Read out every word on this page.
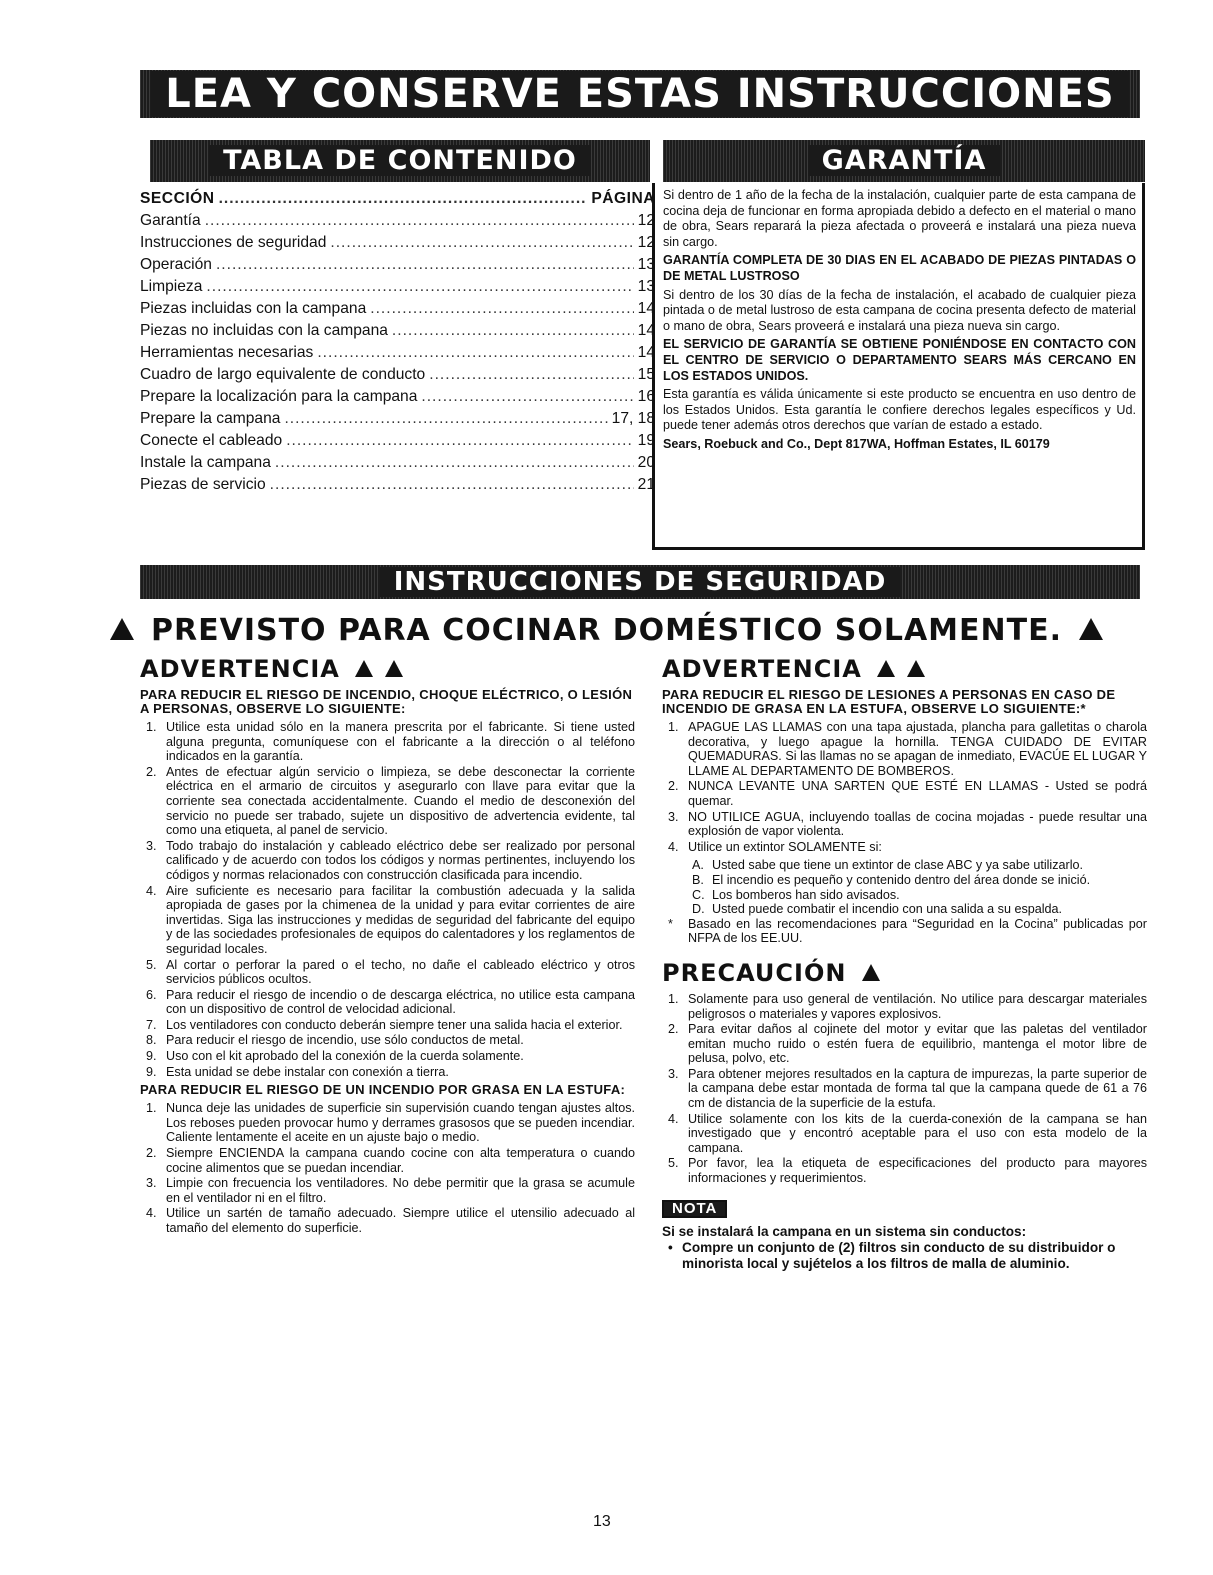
LEA Y CONSERVE ESTAS INSTRUCCIONES
TABLA DE CONTENIDO	GARANTÍA
INSTRUCCIONES DE SEGURIDAD
SECCIÓN .....	PÁGINA
Garantía .....	12
Instrucciones de seguridad .....	12
Operación .....	13
Limpieza .....	13
Piezas incluidas con la campana .....	14
Piezas no incluidas con la campana .....	14
Herramientas necesarias .....	14
Cuadro de largo equivalente de conducto .....	15
Prepare la localización para la campana .....	16
Prepare la campana .....	17, 18
Conecte el cableado .....	19
Instale la campana .....	20
Piezas de servicio .....	21

Si dentro de 1 año de la fecha de la instalación, cualquier parte de esta campana de cocina deja de funcionar en forma apropiada debido a defecto en el material o mano de obra, Sears reparará la pieza afectada o proveerá e instalará una pieza nueva sin cargo.

GARANTÍA COMPLETA DE 30 DIAS EN EL ACABADO DE PIEZAS PINTADAS O DE METAL LUSTROSO

Si dentro de los 30 días de la fecha de instalación, el acabado de cualquier pieza pintada o de metal lustroso de esta campana de cocina presenta defecto de material o mano de obra, Sears proveerá e instalará una pieza nueva sin cargo.

EL SERVICIO DE GARANTÍA SE OBTIENE PONIÉNDOSE EN CONTACTO CON EL CENTRO DE SERVICIO O DEPARTAMENTO SEARS MÁS CERCANO EN LOS ESTADOS UNIDOS.

Esta garantía es válida únicamente si este producto se encuentra en uso dentro de los Estados Unidos. Esta garantía le confiere derechos legales específicos y Ud. puede tener además otros derechos que varían de estado a estado.

Sears, Roebuck and Co., Dept 817WA, Hoffman Estates, IL 60179

PREVISTO PARA COCINAR DOMÉSTICO SOLAMENTE.
ADVERTENCIA
PARA REDUCIR EL RIESGO DE INCENDIO, CHOQUE ELÉCTRICO, O LESIÓN A PERSONAS, OBSERVE LO SIGUIENTE:
1. Utilice esta unidad sólo en la manera prescrita por el fabricante. Si tiene usted alguna pregunta, comuníquese con el fabricante a la dirección o al teléfono indicados en la garantía.
2. Antes de efectuar algún servicio o limpieza, se debe desconectar la corriente eléctrica en el armario de circuitos y asegurarlo con llave para evitar que la corriente sea conectada accidentalmente. Cuando el medio de desconexión del servicio no puede ser trabado, sujete un dispositivo de advertencia evidente, tal como una etiqueta, al panel de servicio.
3. Todo trabajo do instalación y cableado eléctrico debe ser realizado por personal calificado y de acuerdo con todos los códigos y normas pertinentes, incluyendo los códigos y normas relacionados con construcción clasificada para incendio.
4. Aire suficiente es necesario para facilitar la combustión adecuada y la salida apropiada de gases por la chimenea de la unidad y para evitar corrientes de aire invertidas. Siga las instrucciones y medidas de seguridad del fabricante del equipo y de las sociedades profesionales de equipos do calentadores y los reglamentos de seguridad locales.
5. Al cortar o perforar la pared o el techo, no dañe el cableado eléctrico y otros servicios públicos ocultos.
6. Para reducir el riesgo de incendio o de descarga eléctrica, no utilice esta campana con un dispositivo de control de velocidad adicional.
7. Los ventiladores con conducto deberán siempre tener una salida hacia el exterior.
8. Para reducir el riesgo de incendio, use sólo conductos de metal.
9. Uso con el kit aprobado del la conexión de la cuerda solamente.
9. Esta unidad se debe instalar con conexión a tierra.
PARA REDUCIR EL RIESGO DE UN INCENDIO POR GRASA EN LA ESTUFA:
1. Nunca deje las unidades de superficie sin supervisión cuando tengan ajustes altos. Los reboses pueden provocar humo y derrames grasosos que se pueden incendiar. Caliente lentamente el aceite en un ajuste bajo o medio.
2. Siempre ENCIENDA la campana cuando cocine con alta temperatura o cuando cocine alimentos que se puedan incendiar.
3. Limpie con frecuencia los ventiladores. No debe permitir que la grasa se acumule en el ventilador ni en el filtro.
4. Utilice un sartén de tamaño adecuado. Siempre utilice el utensilio adecuado al tamaño del elemento do superficie.
ADVERTENCIA
PARA REDUCIR EL RIESGO DE LESIONES A PERSONAS EN CASO DE INCENDIO DE GRASA EN LA ESTUFA, OBSERVE LO SIGUIENTE:*
1. APAGUE LAS LLAMAS con una tapa ajustada, plancha para galletitas o charola decorativa, y luego apague la hornilla. TENGA CUIDADO DE EVITAR QUEMADURAS. Si las llamas no se apagan de inmediato, EVACÚE EL LUGAR Y LLAME AL DEPARTAMENTO DE BOMBEROS.
2. NUNCA LEVANTE UNA SARTEN QUE ESTÉ EN LLAMAS - Usted se podrá quemar.
3. NO UTILICE AGUA, incluyendo toallas de cocina mojadas - puede resultar una explosión de vapor violenta.
4. Utilice un extintor SOLAMENTE si:
A. Usted sabe que tiene un extintor de clase ABC y ya sabe utilizarlo.
B. El incendio es pequeño y contenido dentro del área donde se inició.
C. Los bomberos han sido avisados.
D. Usted puede combatir el incendio con una salida a su espalda.
* Basado en las recomendaciones para “Seguridad en la Cocina” publicadas por NFPA de los EE.UU.
PRECAUCIÓN
1. Solamente para uso general de ventilación. No utilice para descargar materiales peligrosos o materiales y vapores explosivos.
2. Para evitar daños al cojinete del motor y evitar que las paletas del ventilador emitan mucho ruido o estén fuera de equilibrio, mantenga el motor libre de pelusa, polvo, etc.
3. Para obtener mejores resultados en la captura de impurezas, la parte superior de la campana debe estar montada de forma tal que la campana quede de 61 a 76 cm de distancia de la superficie de la estufa.
4. Utilice solamente con los kits de la cuerda-conexión de la campana se han investigado que y encontró aceptable para el uso con esta modelo de la campana.
5. Por favor, lea la etiqueta de especificaciones del producto para mayores informaciones y requerimientos.
NOTA
Si se instalará la campana en un sistema sin conductos:
• Compre un conjunto de (2) filtros sin conducto de su distribuidor o minorista local y sujételos a los filtros de malla de aluminio.
13
